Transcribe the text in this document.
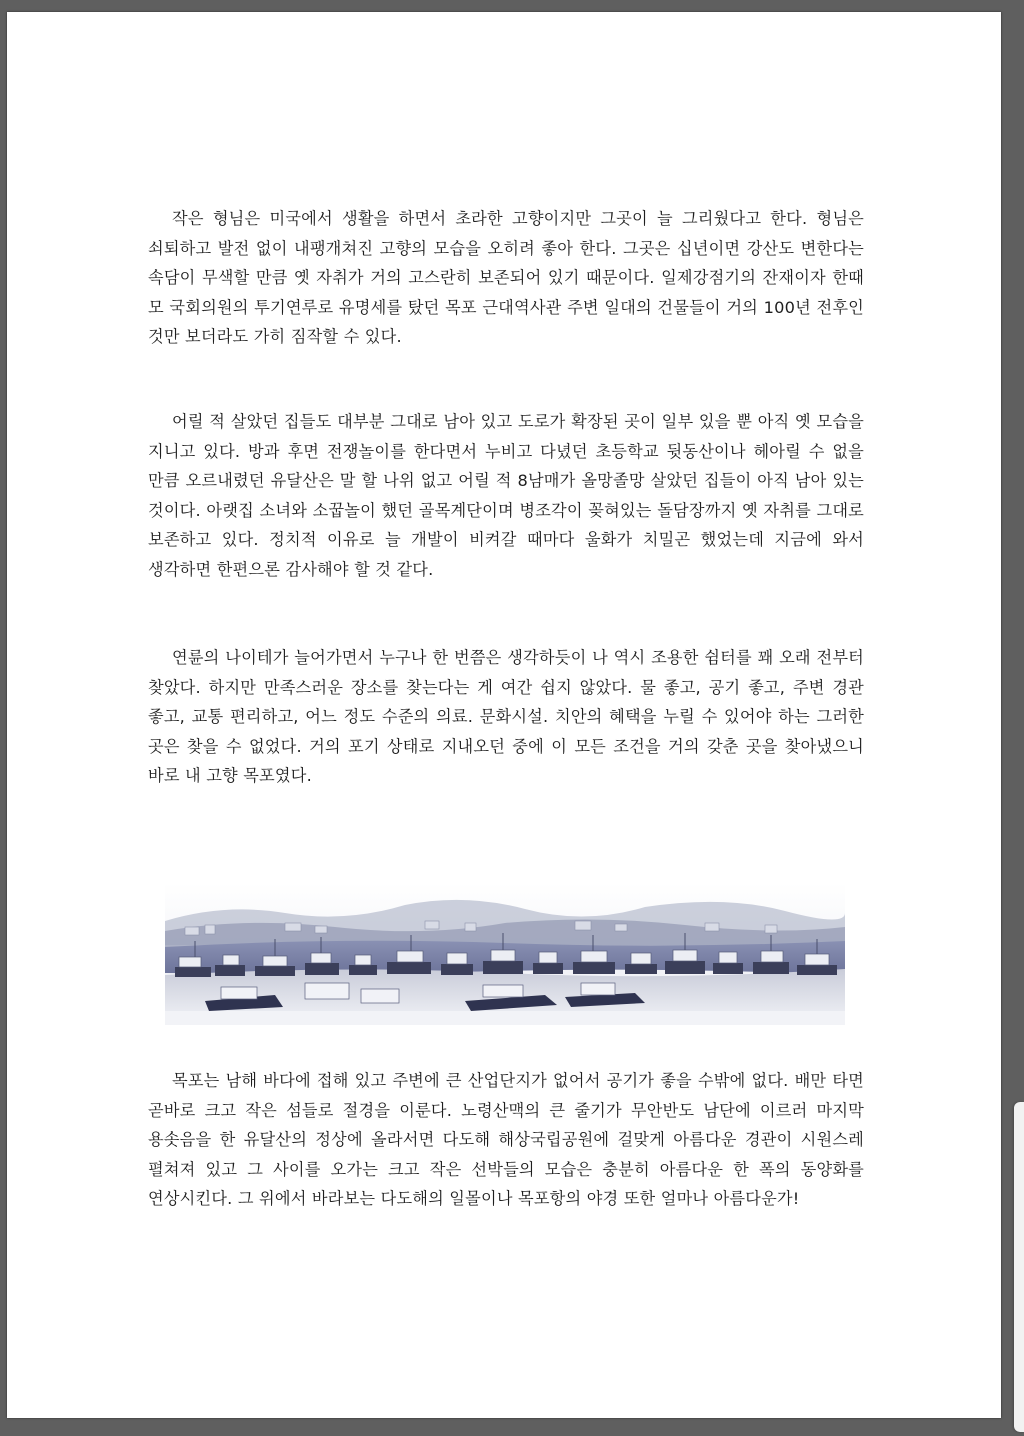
작은 형님은 미국에서 생활을 하면서 초라한 고향이지만 그곳이 늘 그리웠다고 한다. 형님은 쇠퇴하고 발전 없이 내팽개쳐진 고향의 모습을 오히려 좋아 한다. 그곳은 십년이면 강산도 변한다는 속담이 무색할 만큼 옛 자취가 거의 고스란히 보존되어 있기 때문이다. 일제강점기의 잔재이자 한때 모 국회의원의 투기연루로 유명세를 탔던 목포 근대역사관 주변 일대의 건물들이 거의 100년 전후인 것만 보더라도 가히 짐작할 수 있다.

어릴 적 살았던 집들도 대부분 그대로 남아 있고 도로가 확장된 곳이 일부 있을 뿐 아직 옛 모습을 지니고 있다. 방과 후면 전쟁놀이를 한다면서 누비고 다녔던 초등학교 뒷동산이나 헤아릴 수 없을 만큼 오르내렸던 유달산은 말 할 나위 없고 어릴 적 8남매가 올망졸망 살았던 집들이 아직 남아 있는 것이다. 아랫집 소녀와 소꿉놀이 했던 골목계단이며 병조각이 꽂혀있는 돌담장까지 옛 자취를 그대로 보존하고 있다. 정치적 이유로 늘 개발이 비켜갈 때마다 울화가 치밀곤 했었는데 지금에 와서 생각하면 한편으론 감사해야 할 것 같다.

연륜의 나이테가 늘어가면서 누구나 한 번쯤은 생각하듯이 나 역시 조용한 쉼터를 꽤 오래 전부터 찾았다. 하지만 만족스러운 장소를 찾는다는 게 여간 쉽지 않았다. 물 좋고, 공기 좋고, 주변 경관 좋고, 교통 편리하고, 어느 정도 수준의 의료. 문화시설. 치안의 혜택을 누릴 수 있어야 하는 그러한 곳은 찾을 수 없었다. 거의 포기 상태로 지내오던 중에 이 모든 조건을 거의 갖춘 곳을 찾아냈으니 바로 내 고향 목포였다.

목포는 남해 바다에 접해 있고 주변에 큰 산업단지가 없어서 공기가 좋을 수밖에 없다. 배만 타면 곧바로 크고 작은 섬들로 절경을 이룬다. 노령산맥의 큰 줄기가 무안반도 남단에 이르러 마지막 용솟음을 한 유달산의 정상에 올라서면 다도해 해상국립공원에 걸맞게 아름다운 경관이 시원스레 펼쳐져 있고 그 사이를 오가는 크고 작은 선박들의 모습은 충분히 아름다운 한 폭의 동양화를 연상시킨다. 그 위에서 바라보는 다도해의 일몰이나 목포항의 야경 또한 얼마나 아름다운가!
